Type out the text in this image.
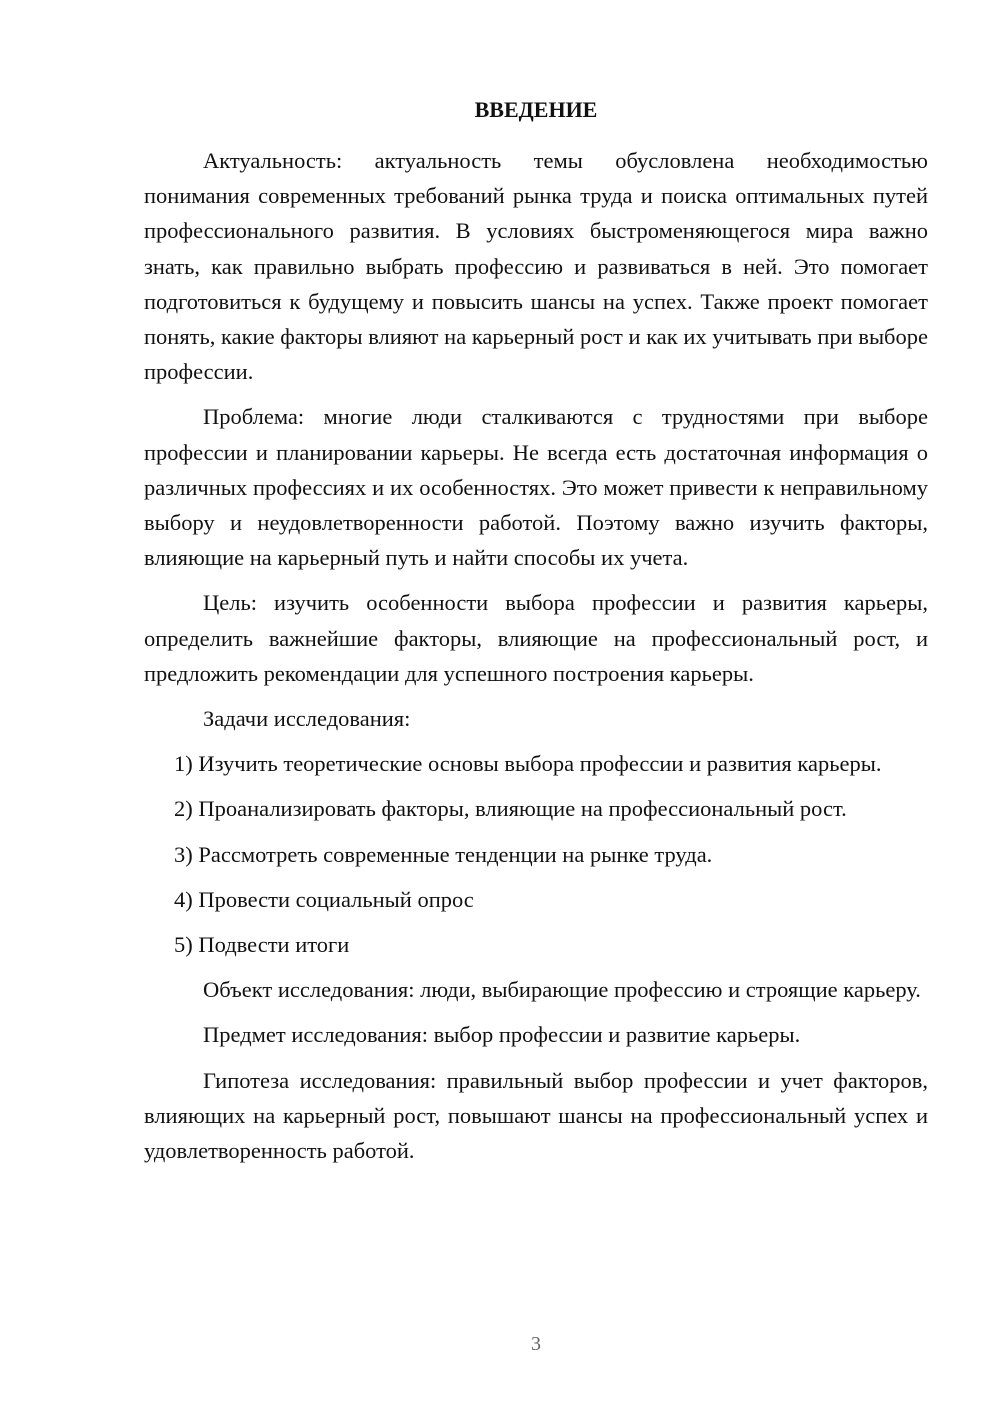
ВВЕДЕНИЕ

Актуальность: актуальность темы обусловлена необходимостью понимания современных требований рынка труда и поиска оптимальных путей профессионального развития. В условиях быстроменяющегося мира важно знать, как правильно выбрать профессию и развиваться в ней. Это помогает подготовиться к будущему и повысить шансы на успех. Также проект помогает понять, какие факторы влияют на карьерный рост и как их учитывать при выборе профессии.

Проблема: многие люди сталкиваются с трудностями при выборе профессии и планировании карьеры. Не всегда есть достаточная информация о различных профессиях и их особенностях. Это может привести к неправильному выбору и неудовлетворенности работой. Поэтому важно изучить факторы, влияющие на карьерный путь и найти способы их учета.

Цель: изучить особенности выбора профессии и развития карьеры, определить важнейшие факторы, влияющие на профессиональный рост, и предложить рекомендации для успешного построения карьеры.

Задачи исследования:

1) Изучить теоретические основы выбора профессии и развития карьеры.

2) Проанализировать факторы, влияющие на профессиональный рост.

3) Рассмотреть современные тенденции на рынке труда.

4) Провести социальный опрос

5) Подвести итоги

Объект исследования: люди, выбирающие профессию и строящие карьеру.

Предмет исследования: выбор профессии и развитие карьеры.

Гипотеза исследования: правильный выбор профессии и учет факторов, влияющих на карьерный рост, повышают шансы на профессиональный успех и удовлетворенность работой.

3
